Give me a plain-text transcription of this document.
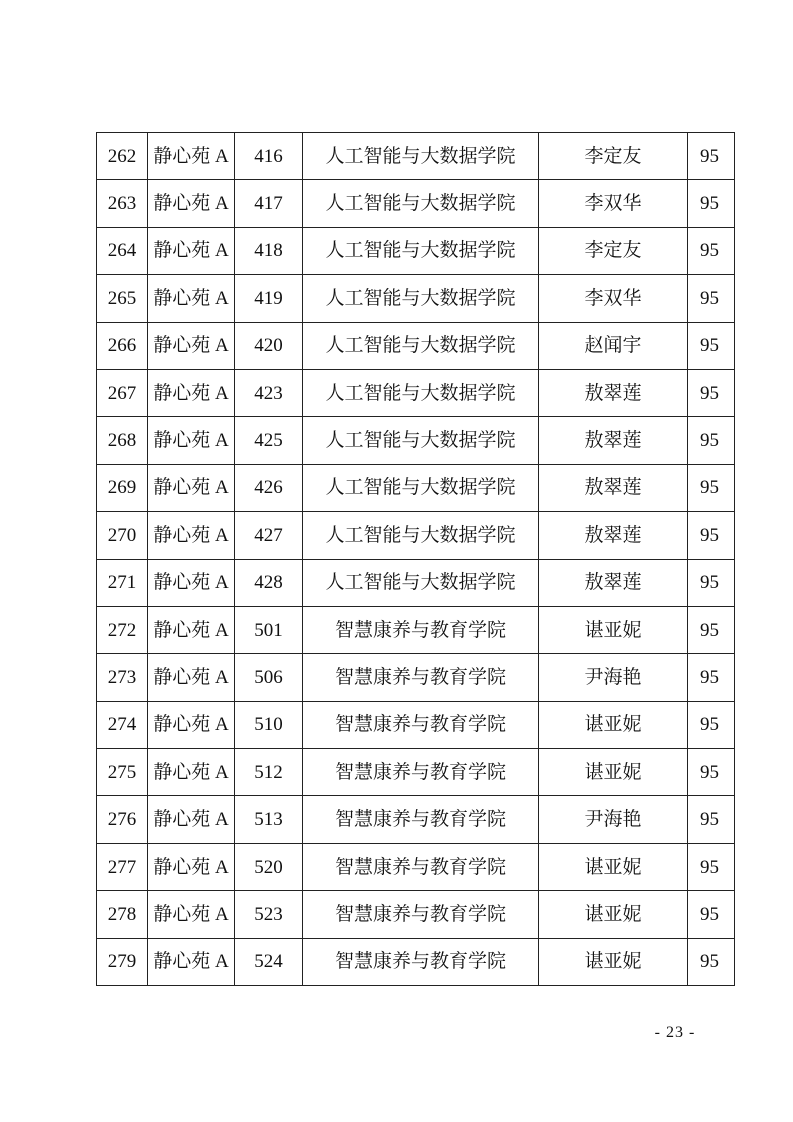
262	静心苑 A	416	人工智能与大数据学院	李定友	95
263	静心苑 A	417	人工智能与大数据学院	李双华	95
264	静心苑 A	418	人工智能与大数据学院	李定友	95
265	静心苑 A	419	人工智能与大数据学院	李双华	95
266	静心苑 A	420	人工智能与大数据学院	赵闻宇	95
267	静心苑 A	423	人工智能与大数据学院	敖翠莲	95
268	静心苑 A	425	人工智能与大数据学院	敖翠莲	95
269	静心苑 A	426	人工智能与大数据学院	敖翠莲	95
270	静心苑 A	427	人工智能与大数据学院	敖翠莲	95
271	静心苑 A	428	人工智能与大数据学院	敖翠莲	95
272	静心苑 A	501	智慧康养与教育学院	谌亚妮	95
273	静心苑 A	506	智慧康养与教育学院	尹海艳	95
274	静心苑 A	510	智慧康养与教育学院	谌亚妮	95
275	静心苑 A	512	智慧康养与教育学院	谌亚妮	95
276	静心苑 A	513	智慧康养与教育学院	尹海艳	95
277	静心苑 A	520	智慧康养与教育学院	谌亚妮	95
278	静心苑 A	523	智慧康养与教育学院	谌亚妮	95
279	静心苑 A	524	智慧康养与教育学院	谌亚妮	95
- 23 -
